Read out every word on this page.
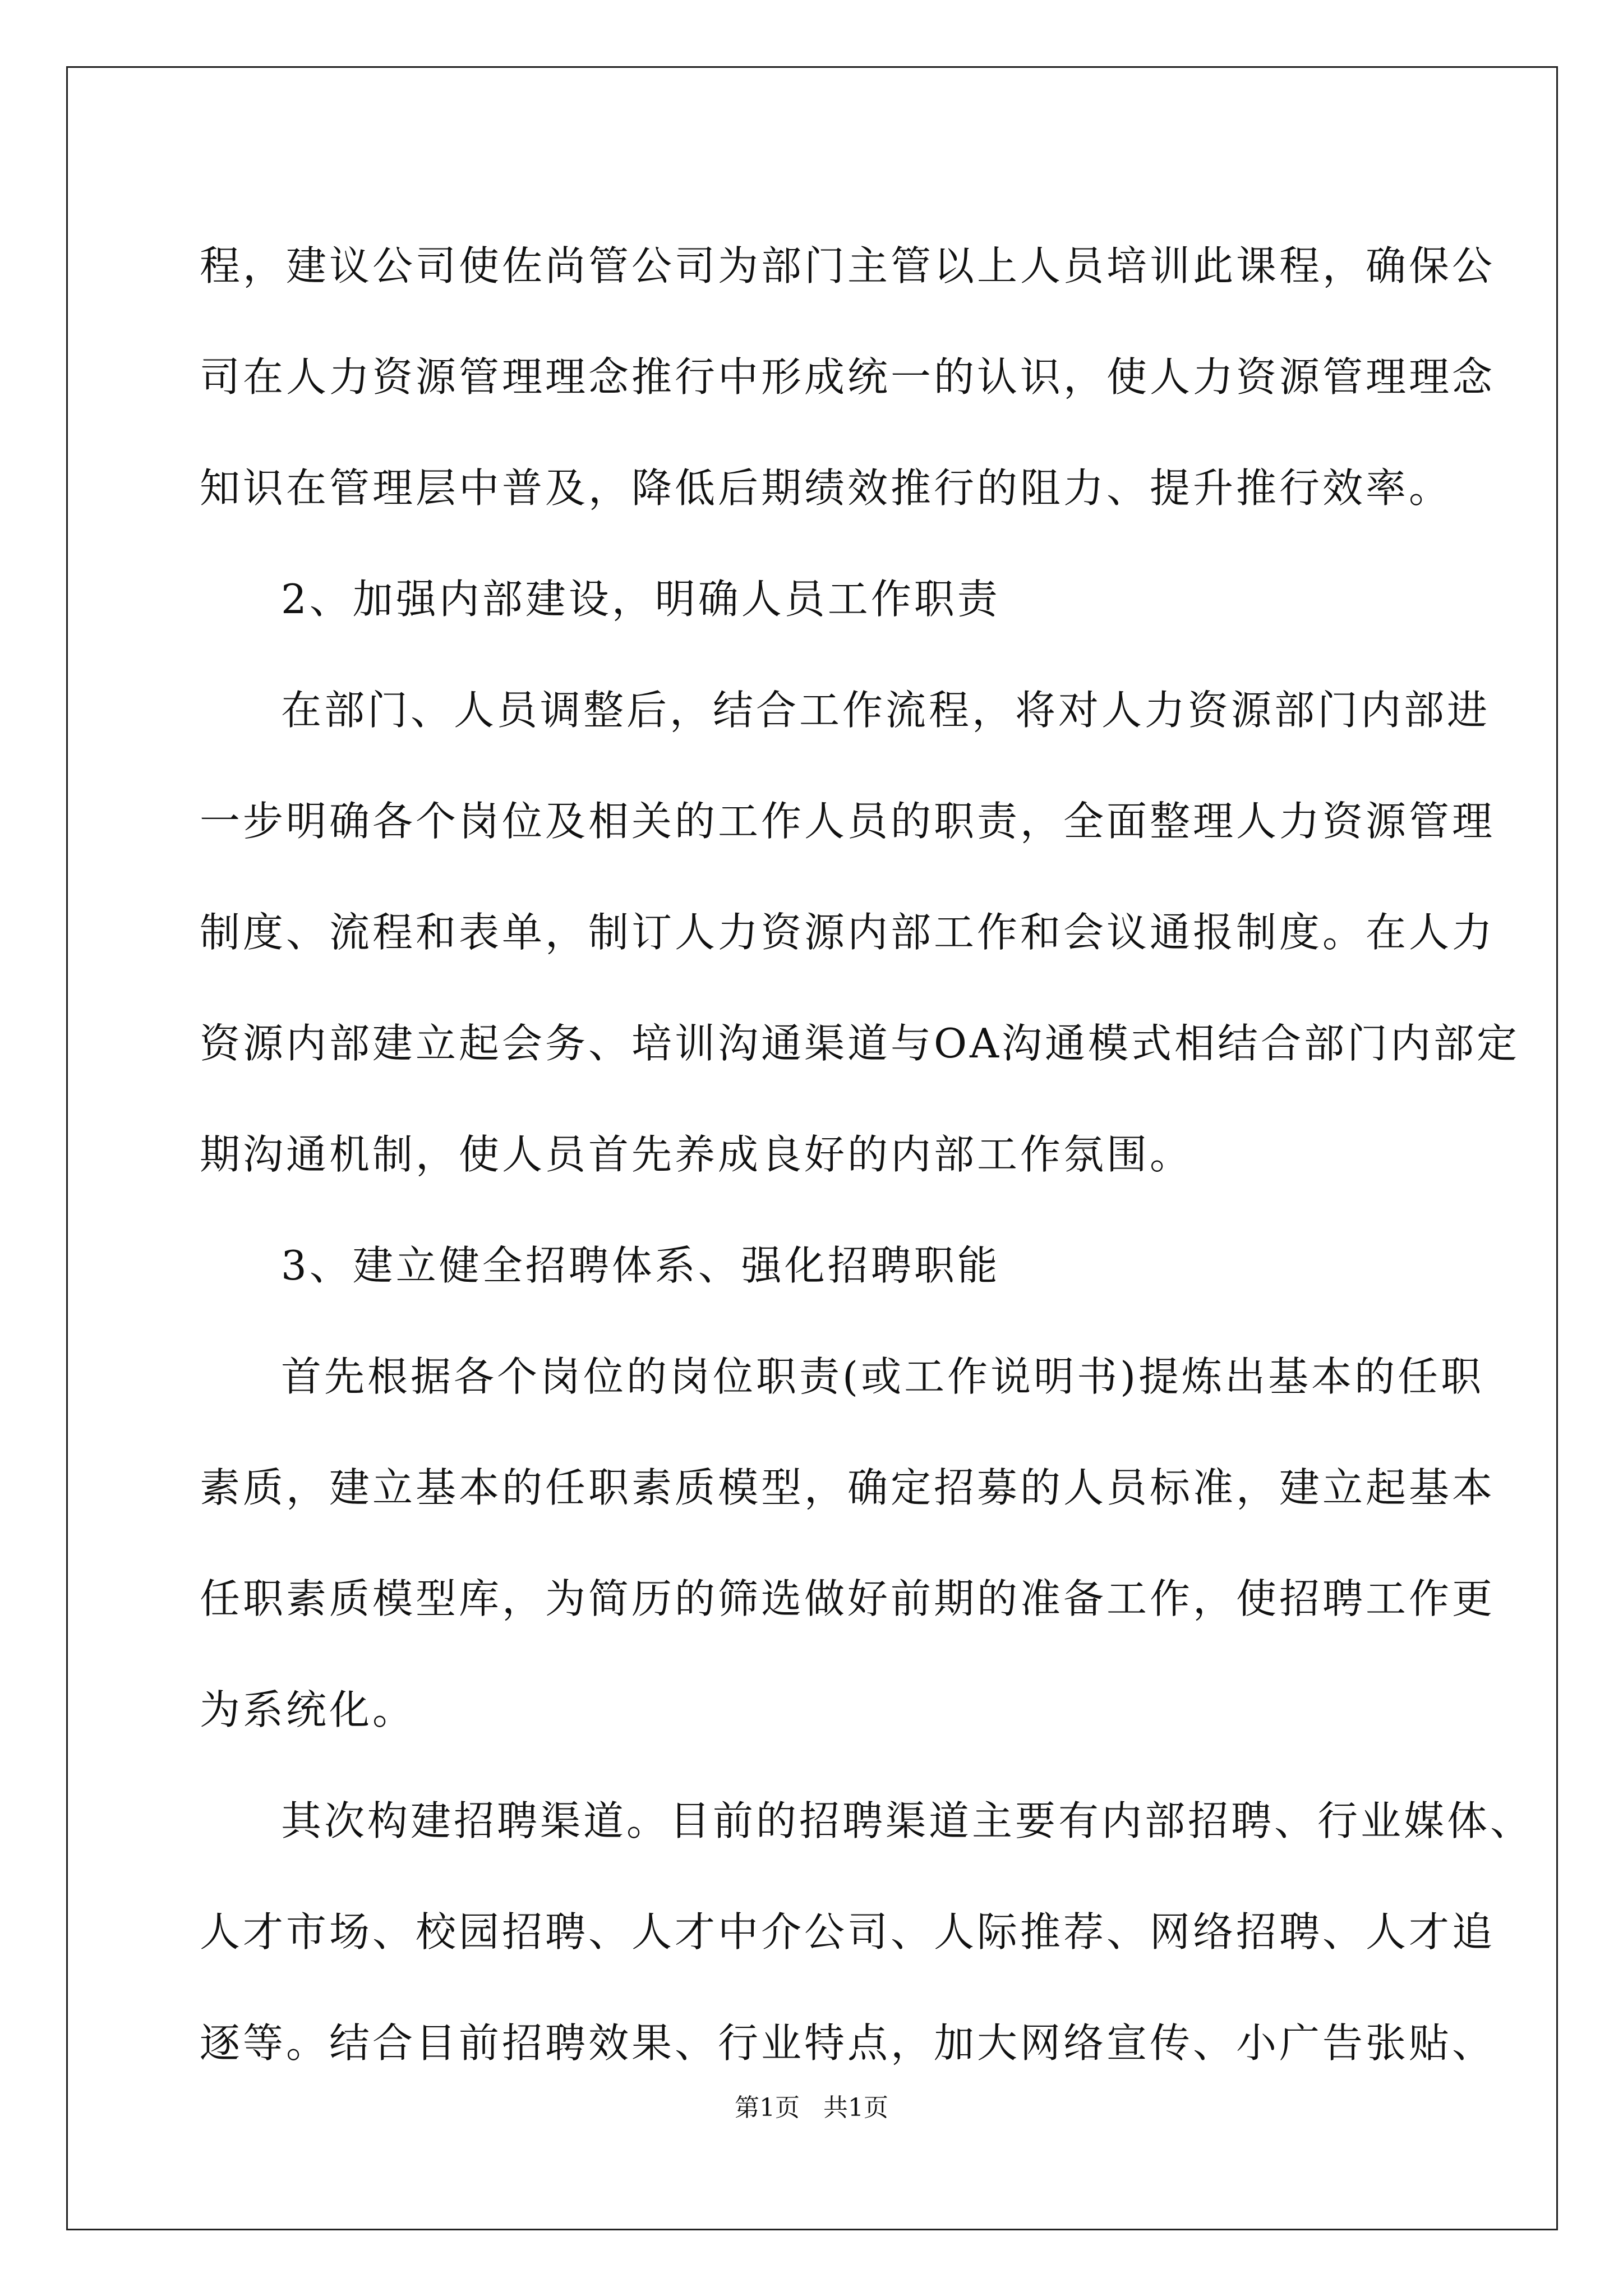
程，建议公司使佐尚管公司为部门主管以上人员培训此课程，确保公
司在人力资源管理理念推行中形成统一的认识，使人力资源管理理念
知识在管理层中普及，降低后期绩效推行的阻力、提升推行效率。
2、加强内部建设，明确人员工作职责
在部门、人员调整后，结合工作流程，将对人力资源部门内部进
一步明确各个岗位及相关的工作人员的职责，全面整理人力资源管理
制度、流程和表单，制订人力资源内部工作和会议通报制度。在人力
资源内部建立起会务、培训沟通渠道与OA沟通模式相结合部门内部定
期沟通机制，使人员首先养成良好的内部工作氛围。
3、建立健全招聘体系、强化招聘职能
首先根据各个岗位的岗位职责(或工作说明书)提炼出基本的任职
素质，建立基本的任职素质模型，确定招募的人员标准，建立起基本
任职素质模型库，为简历的筛选做好前期的准备工作，使招聘工作更
为系统化。
其次构建招聘渠道。目前的招聘渠道主要有内部招聘、行业媒体、
人才市场、校园招聘、人才中介公司、人际推荐、网络招聘、人才追
逐等。结合目前招聘效果、行业特点，加大网络宣传、小广告张贴、
第1页   共1页
